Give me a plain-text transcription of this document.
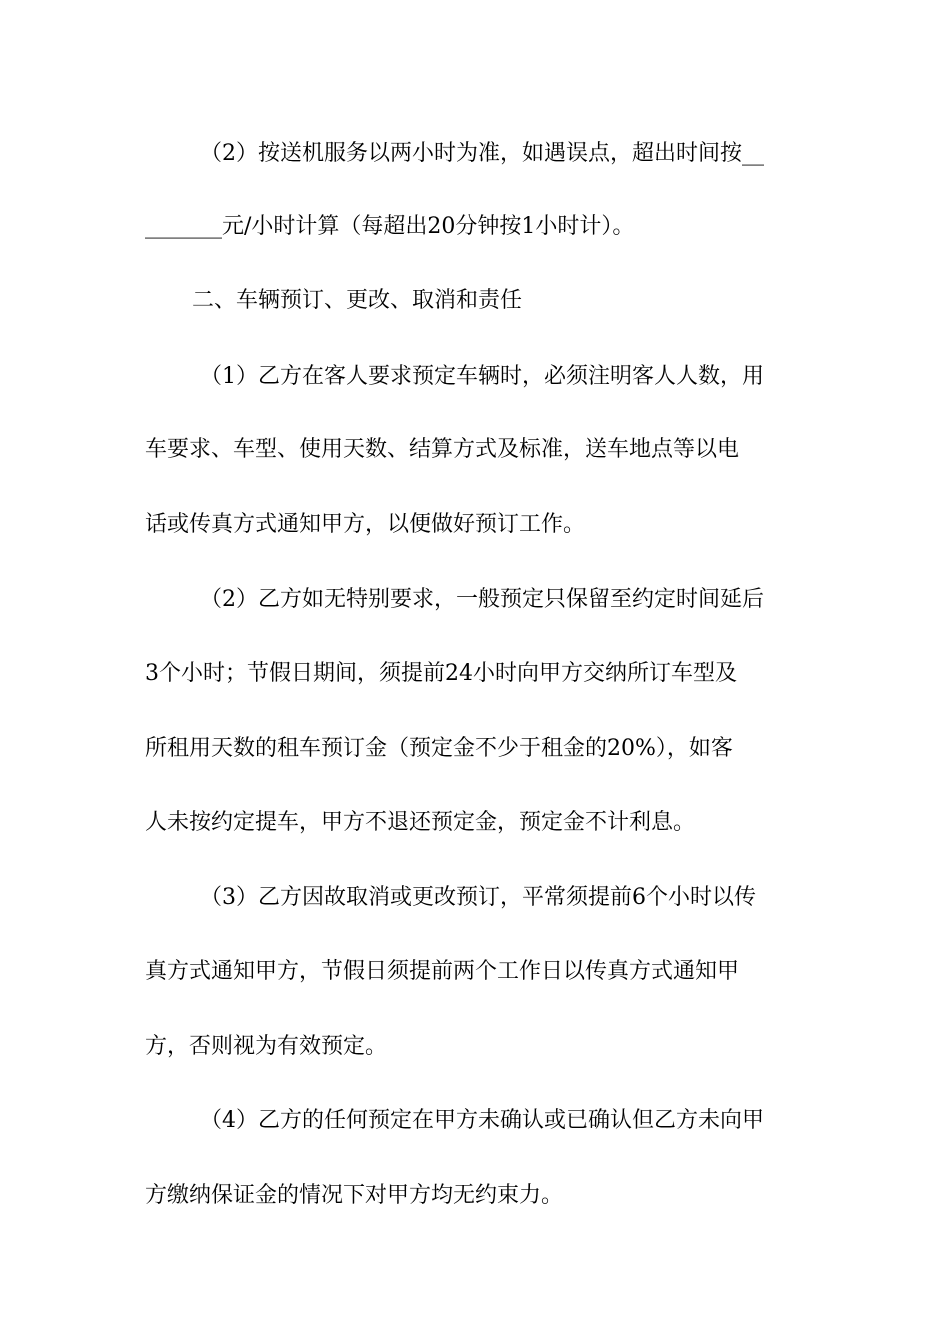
（2）按送机服务以两小时为准，如遇误点，超出时间按__
_______元/小时计算（每超出20分钟按1小时计）。
二、车辆预订、更改、取消和责任
（1）乙方在客人要求预定车辆时，必须注明客人人数，用
车要求、车型、使用天数、结算方式及标准，送车地点等以电
话或传真方式通知甲方，以便做好预订工作。
（2）乙方如无特别要求，一般预定只保留至约定时间延后
3个小时；节假日期间，须提前24小时向甲方交纳所订车型及
所租用天数的租车预订金（预定金不少于租金的20%），如客
人未按约定提车，甲方不退还预定金，预定金不计利息。
（3）乙方因故取消或更改预订，平常须提前6个小时以传
真方式通知甲方，节假日须提前两个工作日以传真方式通知甲
方，否则视为有效预定。
（4）乙方的任何预定在甲方未确认或已确认但乙方未向甲
方缴纳保证金的情况下对甲方均无约束力。
